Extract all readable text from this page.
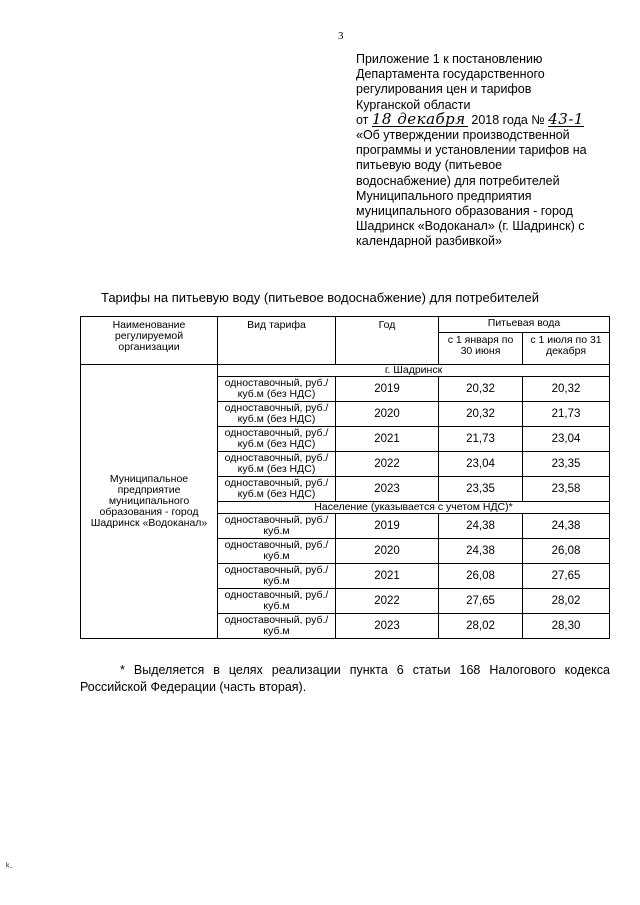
3
Приложение 1 к постановлению
Департамента государственного
регулирования цен и тарифов
Курганской области
от 18 декабря 2018 года № 43-1
«Об утверждении производственной
программы и установлении тарифов на
питьевую воду (питьевое
водоснабжение) для потребителей
Муниципального предприятия
муниципального образования - город
Шадринск «Водоканал» (г. Шадринск) с
календарной разбивкой»
Тарифы на питьевую воду (питьевое водоснабжение) для потребителей
Наименование регулируемой организации	Вид тарифа	Год	Питьевая вода	
			с 1 января по 30 июня	с 1 июля по 31 декабря
Муниципальное предприятие муниципального образования - город Шадринск «Водоканал»	г. Шадринск			
	одноставочный, руб./куб.м (без НДС)	2019	20,32	20,32
	одноставочный, руб./куб.м (без НДС)	2020	20,32	21,73
	одноставочный, руб./куб.м (без НДС)	2021	21,73	23,04
	одноставочный, руб./куб.м (без НДС)	2022	23,04	23,35
	одноставочный, руб./куб.м (без НДС)	2023	23,35	23,58
	Население (указывается с учетом НДС)*			
	одноставочный, руб./куб.м	2019	24,38	24,38
	одноставочный, руб./куб.м	2020	24,38	26,08
	одноставочный, руб./куб.м	2021	26,08	27,65
	одноставочный, руб./куб.м	2022	27,65	28,02
	одноставочный, руб./куб.м	2023	28,02	28,30
* Выделяется в целях реализации пункта 6 статьи 168 Налогового кодекса
Российской Федерации (часть вторая).
ᵏ·
